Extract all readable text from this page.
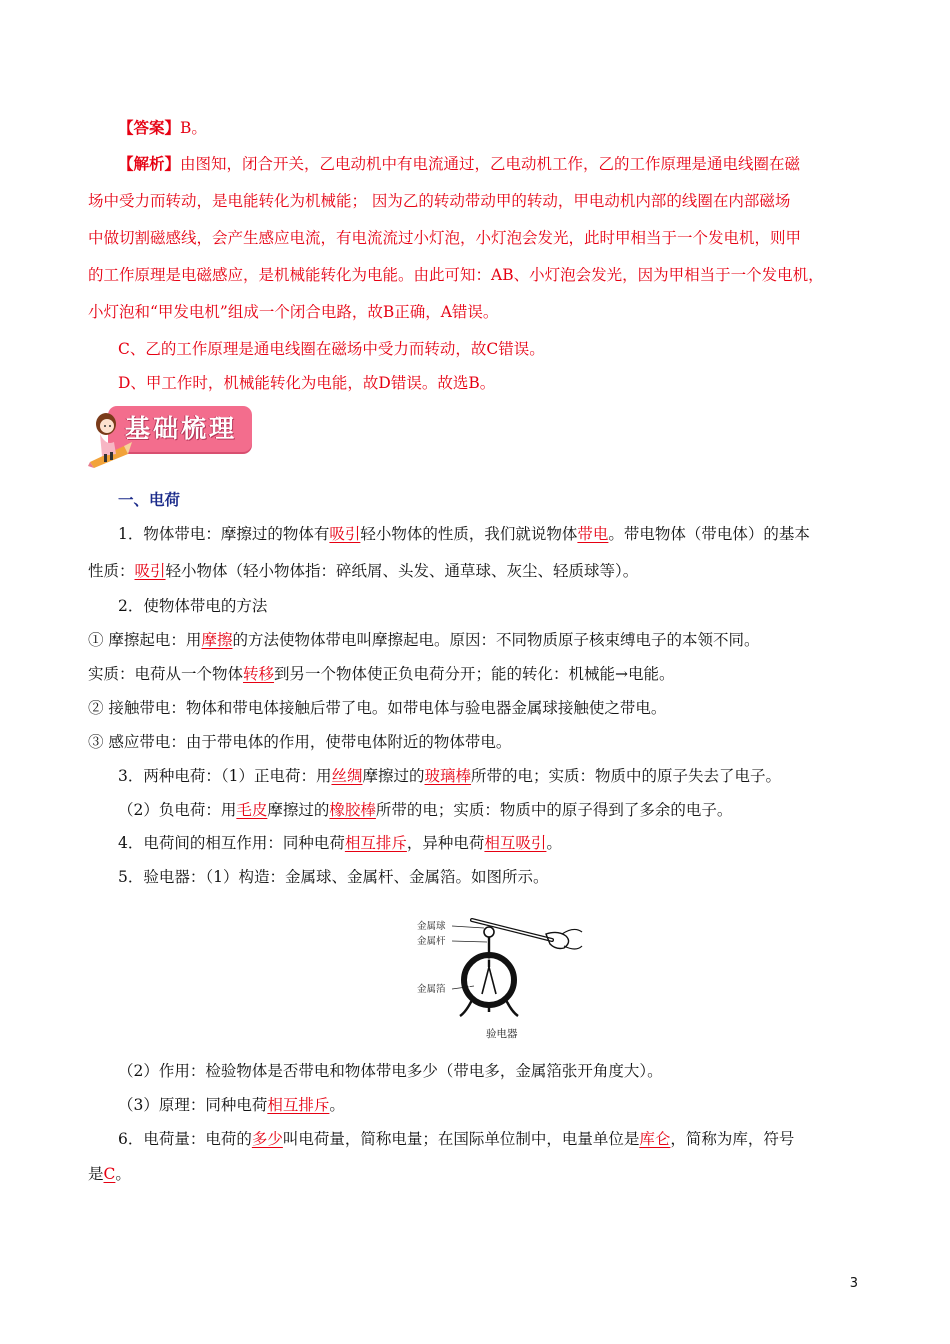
【答案】B。
【解析】由图知，闭合开关，乙电动机中有电流通过，乙电动机工作，乙的工作原理是通电线圈在磁
场中受力而转动，是电能转化为机械能； 因为乙的转动带动甲的转动，甲电动机内部的线圈在内部磁场
中做切割磁感线，会产生感应电流，有电流流过小灯泡，小灯泡会发光，此时甲相当于一个发电机，则甲
的工作原理是电磁感应，是机械能转化为电能。由此可知：AB、小灯泡会发光，因为甲相当于一个发电机，
小灯泡和“甲发电机”组成一个闭合电路，故B正确，A错误。
C、乙的工作原理是通电线圈在磁场中受力而转动，故C错误。
D、甲工作时，机械能转化为电能，故D错误。故选B。
基础梳理
一、电荷
1．物体带电：摩擦过的物体有吸引轻小物体的性质，我们就说物体带电。带电物体（带电体）的基本
性质：吸引轻小物体（轻小物体指：碎纸屑、头发、通草球、灰尘、轻质球等）。
2．使物体带电的方法
① 摩擦起电：用摩擦的方法使物体带电叫摩擦起电。原因：不同物质原子核束缚电子的本领不同。
实质：电荷从一个物体转移到另一个物体使正负电荷分开；能的转化：机械能→电能。
② 接触带电：物体和带电体接触后带了电。如带电体与验电器金属球接触使之带电。
③ 感应带电：由于带电体的作用，使带电体附近的物体带电。
3．两种电荷：（1）正电荷：用丝绸摩擦过的玻璃棒所带的电；实质：物质中的原子失去了电子。
（2）负电荷：用毛皮摩擦过的橡胶棒所带的电；实质：物质中的原子得到了多余的电子。
4．电荷间的相互作用：同种电荷相互排斥，异种电荷相互吸引。
5．验电器：（1）构造：金属球、金属杆、金属箔。如图所示。
金属球
金属杆
金属箔
验电器
（2）作用：检验物体是否带电和物体带电多少（带电多，金属箔张开角度大）。
（3）原理：同种电荷相互排斥。
6．电荷量：电荷的多少叫电荷量，简称电量；在国际单位制中，电量单位是库仑，简称为库，符号
是C。
3
